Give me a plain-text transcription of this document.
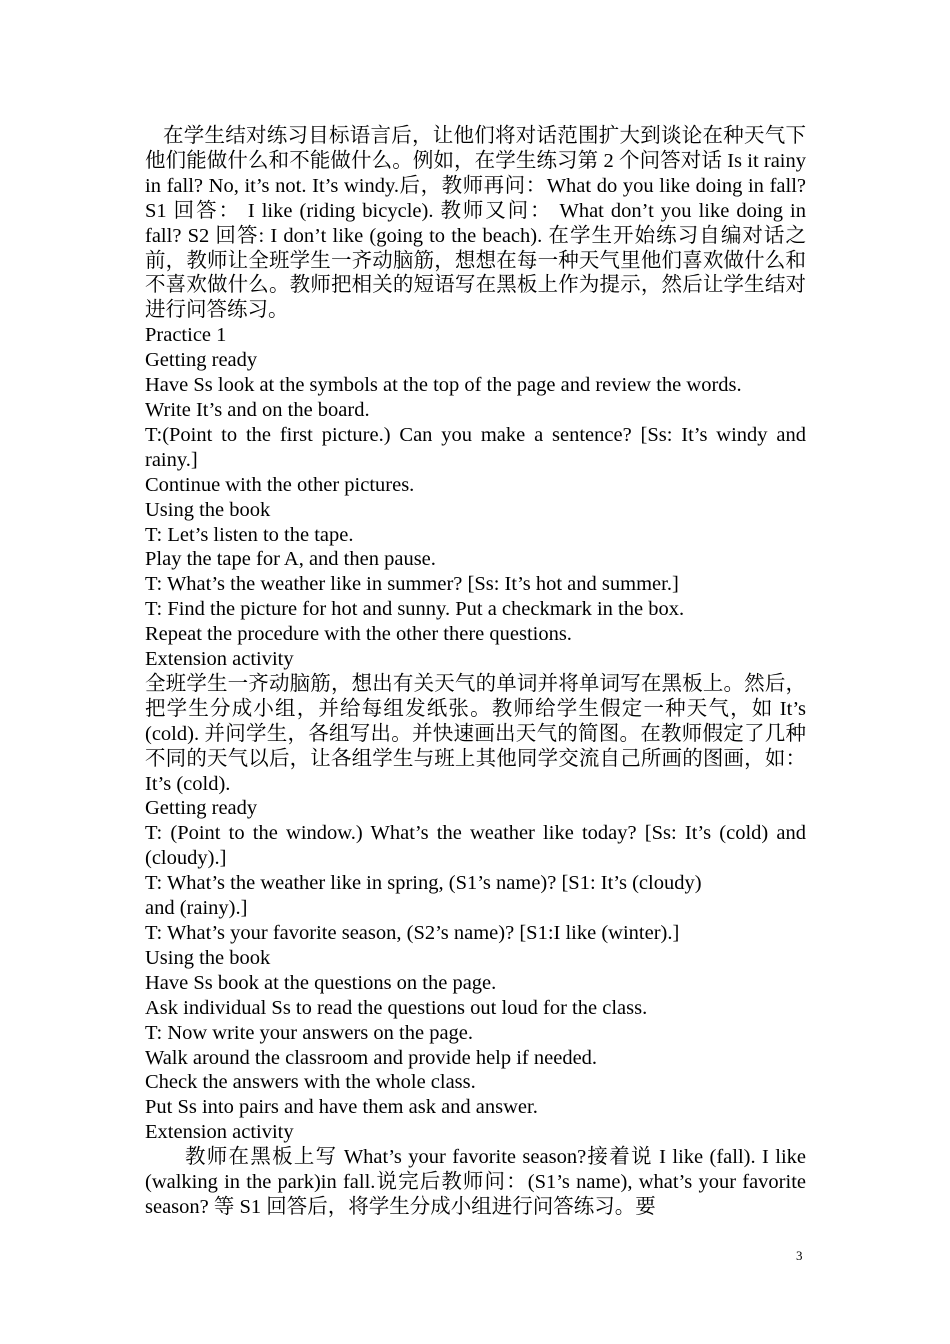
在学生结对练习目标语言后，让他们将对话范围扩大到谈论在种天气下他们能做什么和不能做什么。例如，在学生练习第 2 个问答对话 Is it rainy in fall? No, it’s not. It’s windy.后，教师再问：What do you like doing in fall? S1 回答： I like (riding bicycle). 教师又问： What don’t you like doing in fall? S2 回答: I don’t like (going to the beach). 在学生开始练习自编对话之前，教师让全班学生一齐动脑筋，想想在每一种天气里他们喜欢做什么和不喜欢做什么。教师把相关的短语写在黑板上作为提示，然后让学生结对进行问答练习。

Practice 1

Getting ready

Have Ss look at the symbols at the top of the page and review the words.

Write It’s and on the board.

T:(Point to the first picture.) Can you make a sentence? [Ss: It’s windy and rainy.]

Continue with the other pictures.

Using the book

T: Let’s listen to the tape.

Play the tape for A, and then pause.

T: What’s the weather like in summer? [Ss: It’s hot and summer.]

T: Find the picture for hot and sunny. Put a checkmark in the box.

Repeat the procedure with the other there questions.

Extension activity

全班学生一齐动脑筋，想出有关天气的单词并将单词写在黑板上。然后，把学生分成小组，并给每组发纸张。教师给学生假定一种天气，如 It’s (cold). 并问学生，各组写出。并快速画出天气的简图。在教师假定了几种不同的天气以后，让各组学生与班上其他同学交流自己所画的图画，如：It’s (cold).

Getting ready

T: (Point to the window.) What’s the weather like today? [Ss: It’s (cold) and (cloudy).]

T: What’s the weather like in spring, (S1’s name)? [S1: It’s (cloudy)

and (rainy).]

T: What’s your favorite season, (S2’s name)? [S1:I like (winter).]

Using the book

Have Ss book at the questions on the page.

Ask individual Ss to read the questions out loud for the class.

T: Now write your answers on the page.

Walk around the classroom and provide help if needed.

Check the answers with the whole class.

Put Ss into pairs and have them ask and answer.

Extension activity

教师在黑板上写 What’s your favorite season?接着说 I like (fall). I like (walking in the park)in fall.说完后教师问：(S1’s name), what’s your favorite season? 等 S1 回答后，将学生分成小组进行问答练习。要

3
